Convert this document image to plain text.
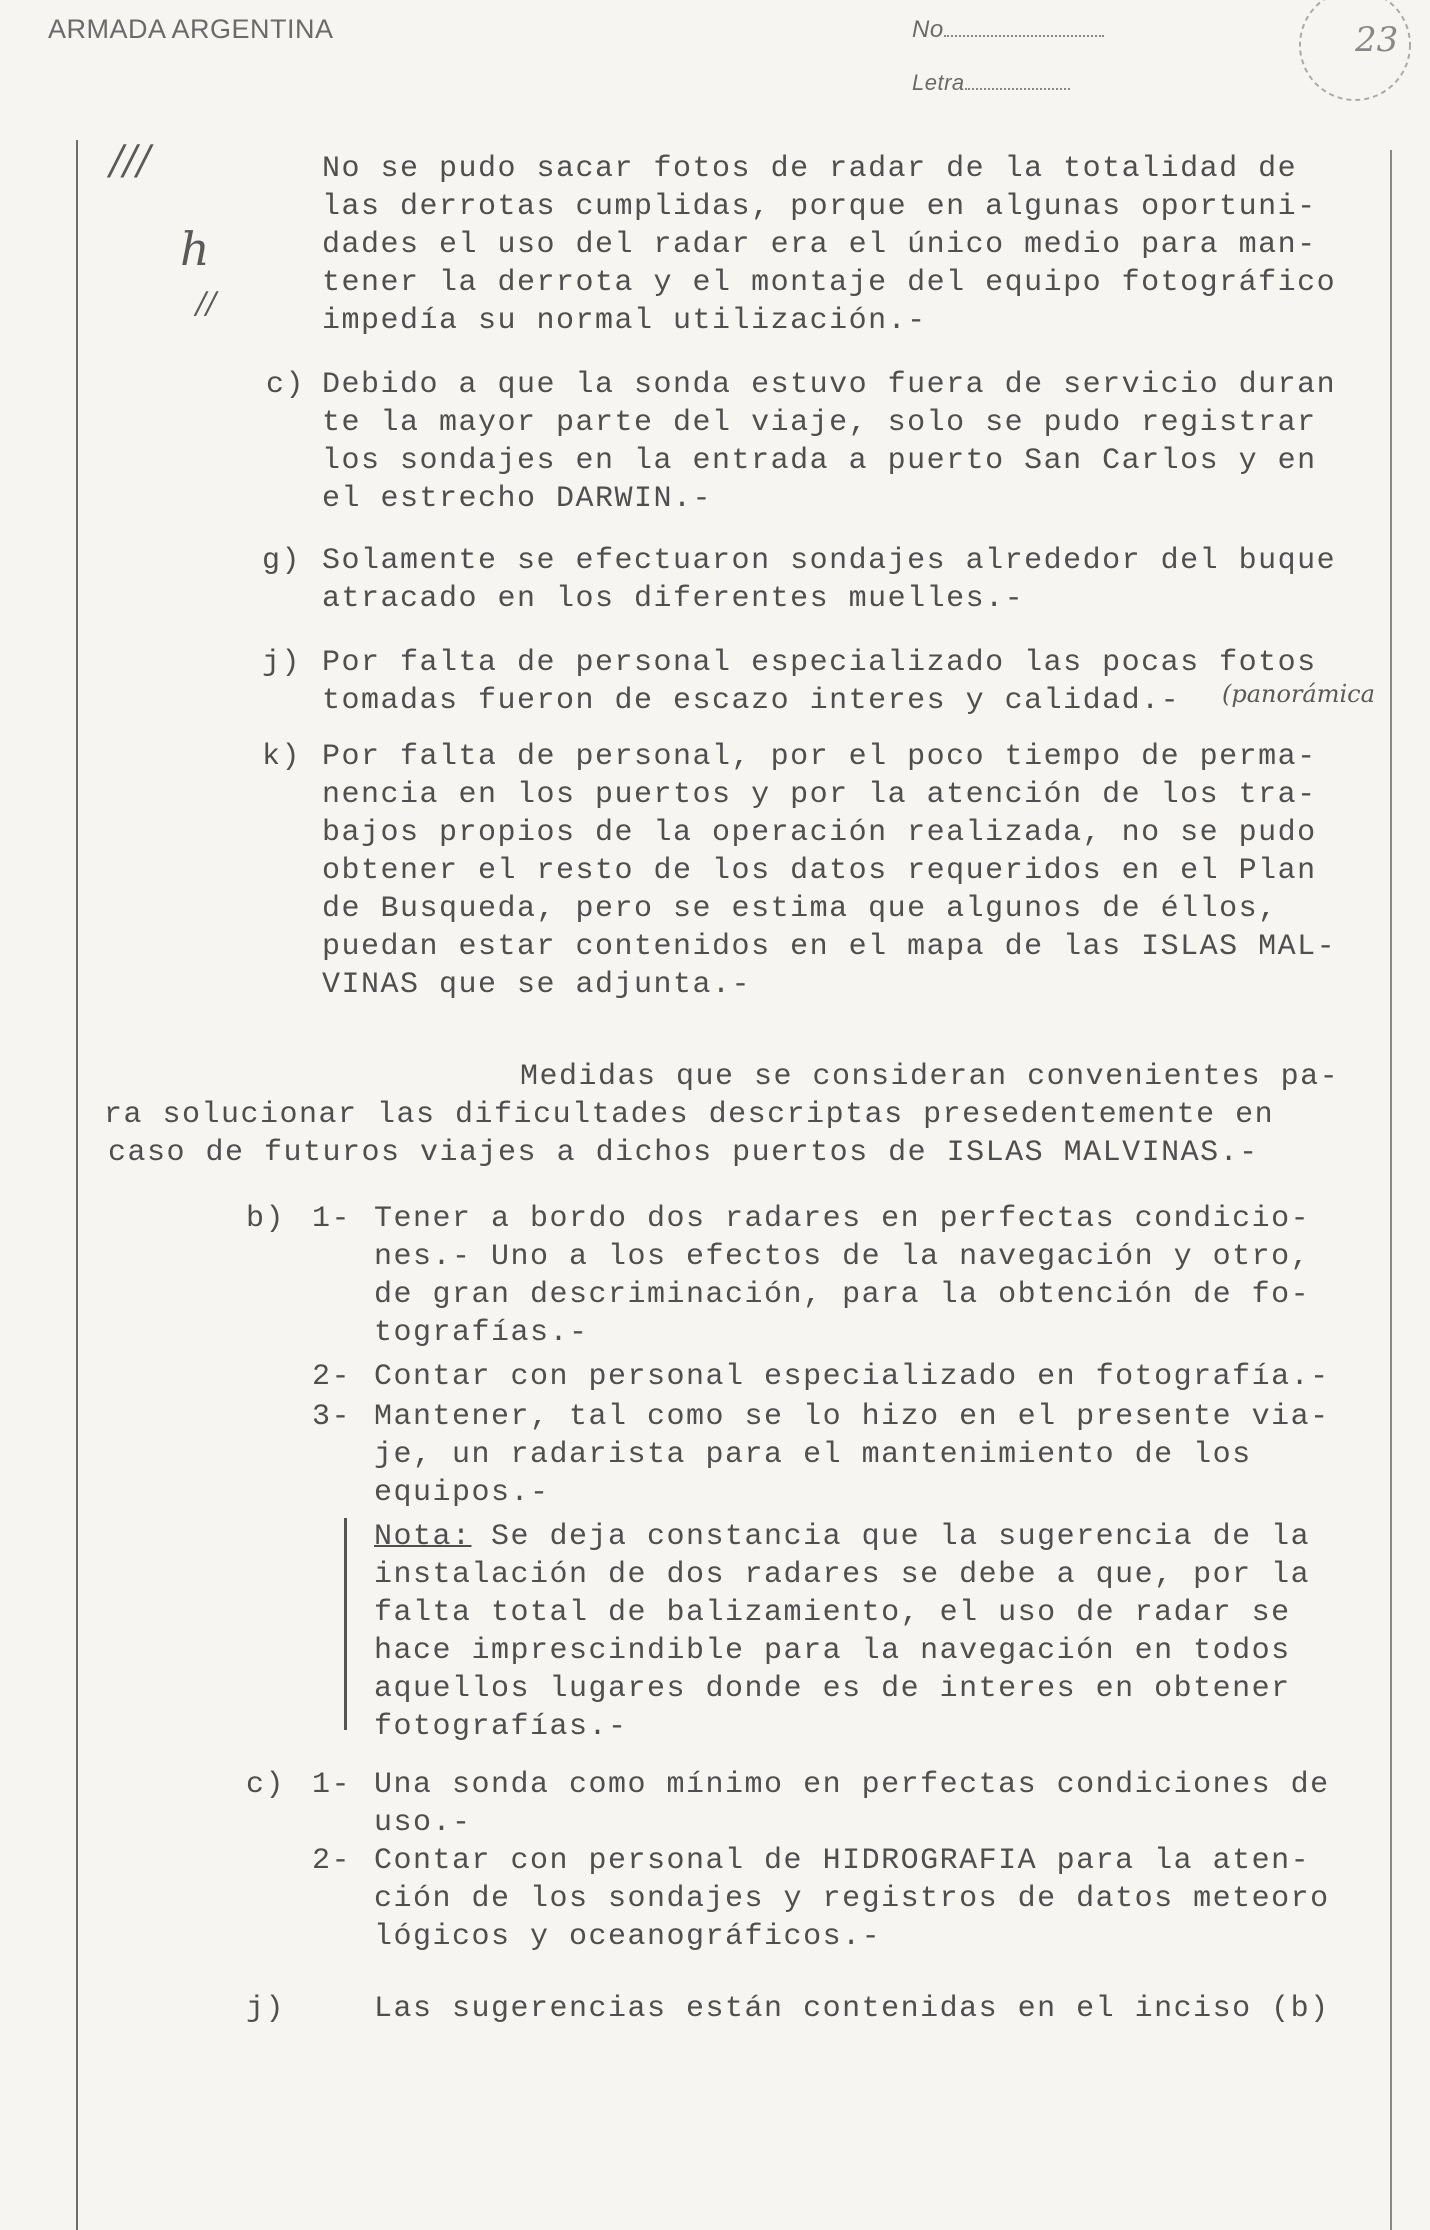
ARMADA ARGENTINA	No
Letra
23
///
h
//
No se pudo sacar fotos de radar de la totalidad de
las derrotas cumplidas, porque en algunas oportuni-
dades el uso del radar era el único medio para man-
tener la derrota y el montaje del equipo fotográfico
impedía su normal utilización.-
c) Debido a que la sonda estuvo fuera de servicio duran
te la mayor parte del viaje, solo se pudo registrar
los sondajes en la entrada a puerto San Carlos y en
el estrecho DARWIN.-
g) Solamente se efectuaron sondajes alrededor del buque
atracado en los diferentes muelles.-
j) Por falta de personal especializado las pocas fotos
tomadas fueron de escazo interes y calidad.-	(panorámica
k) Por falta de personal, por el poco tiempo de perma-
nencia en los puertos y por la atención de los tra-
bajos propios de la operación realizada, no se pudo
obtener el resto de los datos requeridos en el Plan
de Busqueda, pero se estima que algunos de éllos,
puedan estar contenidos en el mapa de las ISLAS MAL-
VINAS que se adjunta.-
Medidas que se consideran convenientes pa-
ra solucionar las dificultades descriptas presedentemente en
caso de futuros viajes a dichos puertos de ISLAS MALVINAS.-
b) 1- Tener a bordo dos radares en perfectas condicio-
nes.- Uno a los efectos de la navegación y otro,
de gran descriminación, para la obtención de fo-
tografías.-
2- Contar con personal especializado en fotografía.-
3- Mantener, tal como se lo hizo en el presente via-
je, un radarista para el mantenimiento de los
equipos.-
Nota: Se deja constancia que la sugerencia de la
instalación de dos radares se debe a que, por la
falta total de balizamiento, el uso de radar se
hace imprescindible para la navegación en todos
aquellos lugares donde es de interes en obtener
fotografías.-
c) 1- Una sonda como mínimo en perfectas condiciones de
uso.-
2- Contar con personal de HIDROGRAFIA para la aten-
ción de los sondajes y registros de datos meteoro
lógicos y oceanográficos.-
j)	Las sugerencias están contenidas en el inciso (b)
